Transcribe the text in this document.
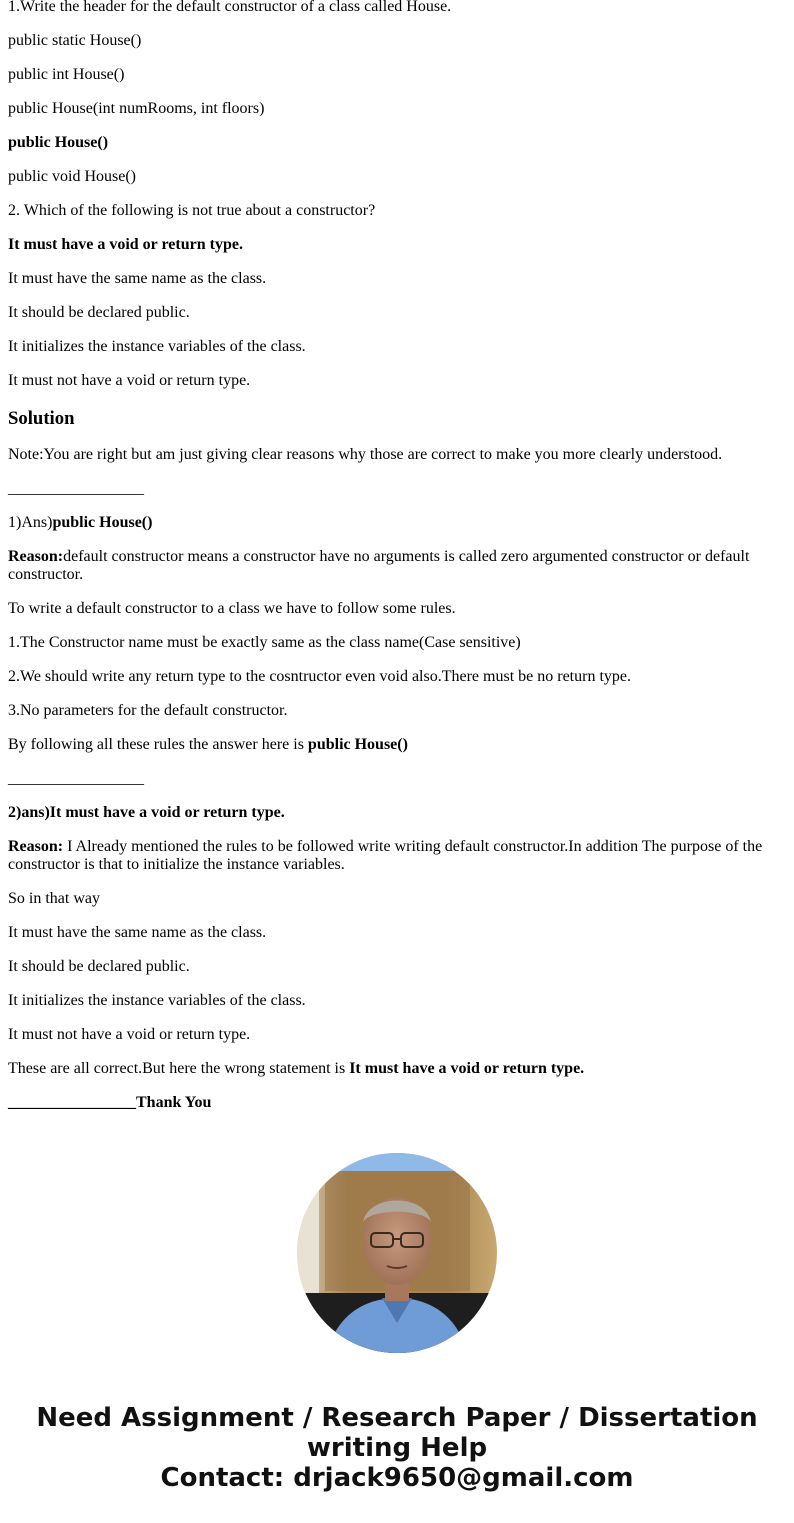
1.Write the header for the default constructor of a class called House.

public static House()

public int House()

public House(int numRooms, int floors)

public House()

public void House()

2. Which of the following is not true about a constructor?

It must have a void or return type.

It must have the same name as the class.

It should be declared public.

It initializes the instance variables of the class.

It must not have a void or return type.

Solution

Note:You are right but am just giving clear reasons why those are correct to make you more clearly understood.

_________________

1)Ans)public House()

Reason:default constructor means a constructor have no arguments is called zero argumented constructor or default constructor.

To write a default constructor to a class we have to follow some rules.

1.The Constructor name must be exactly same as the class name(Case sensitive)

2.We should write any return type to the cosntructor even void also.There must be no return type.

3.No parameters for the default constructor.

By following all these rules the answer here is public House()

_________________

2)ans)It must have a void or return type.

Reason: I Already mentioned the rules to be followed write writing default constructor.In addition The purpose of the constructor is that to initialize the instance variables.

So in that way

It must have the same name as the class.

It should be declared public.

It initializes the instance variables of the class.

It must not have a void or return type.

These are all correct.But here the wrong statement is It must have a void or return type.

________________Thank You

Need Assignment / Research Paper / Dissertation
writing Help
Contact: drjack9650@gmail.com
